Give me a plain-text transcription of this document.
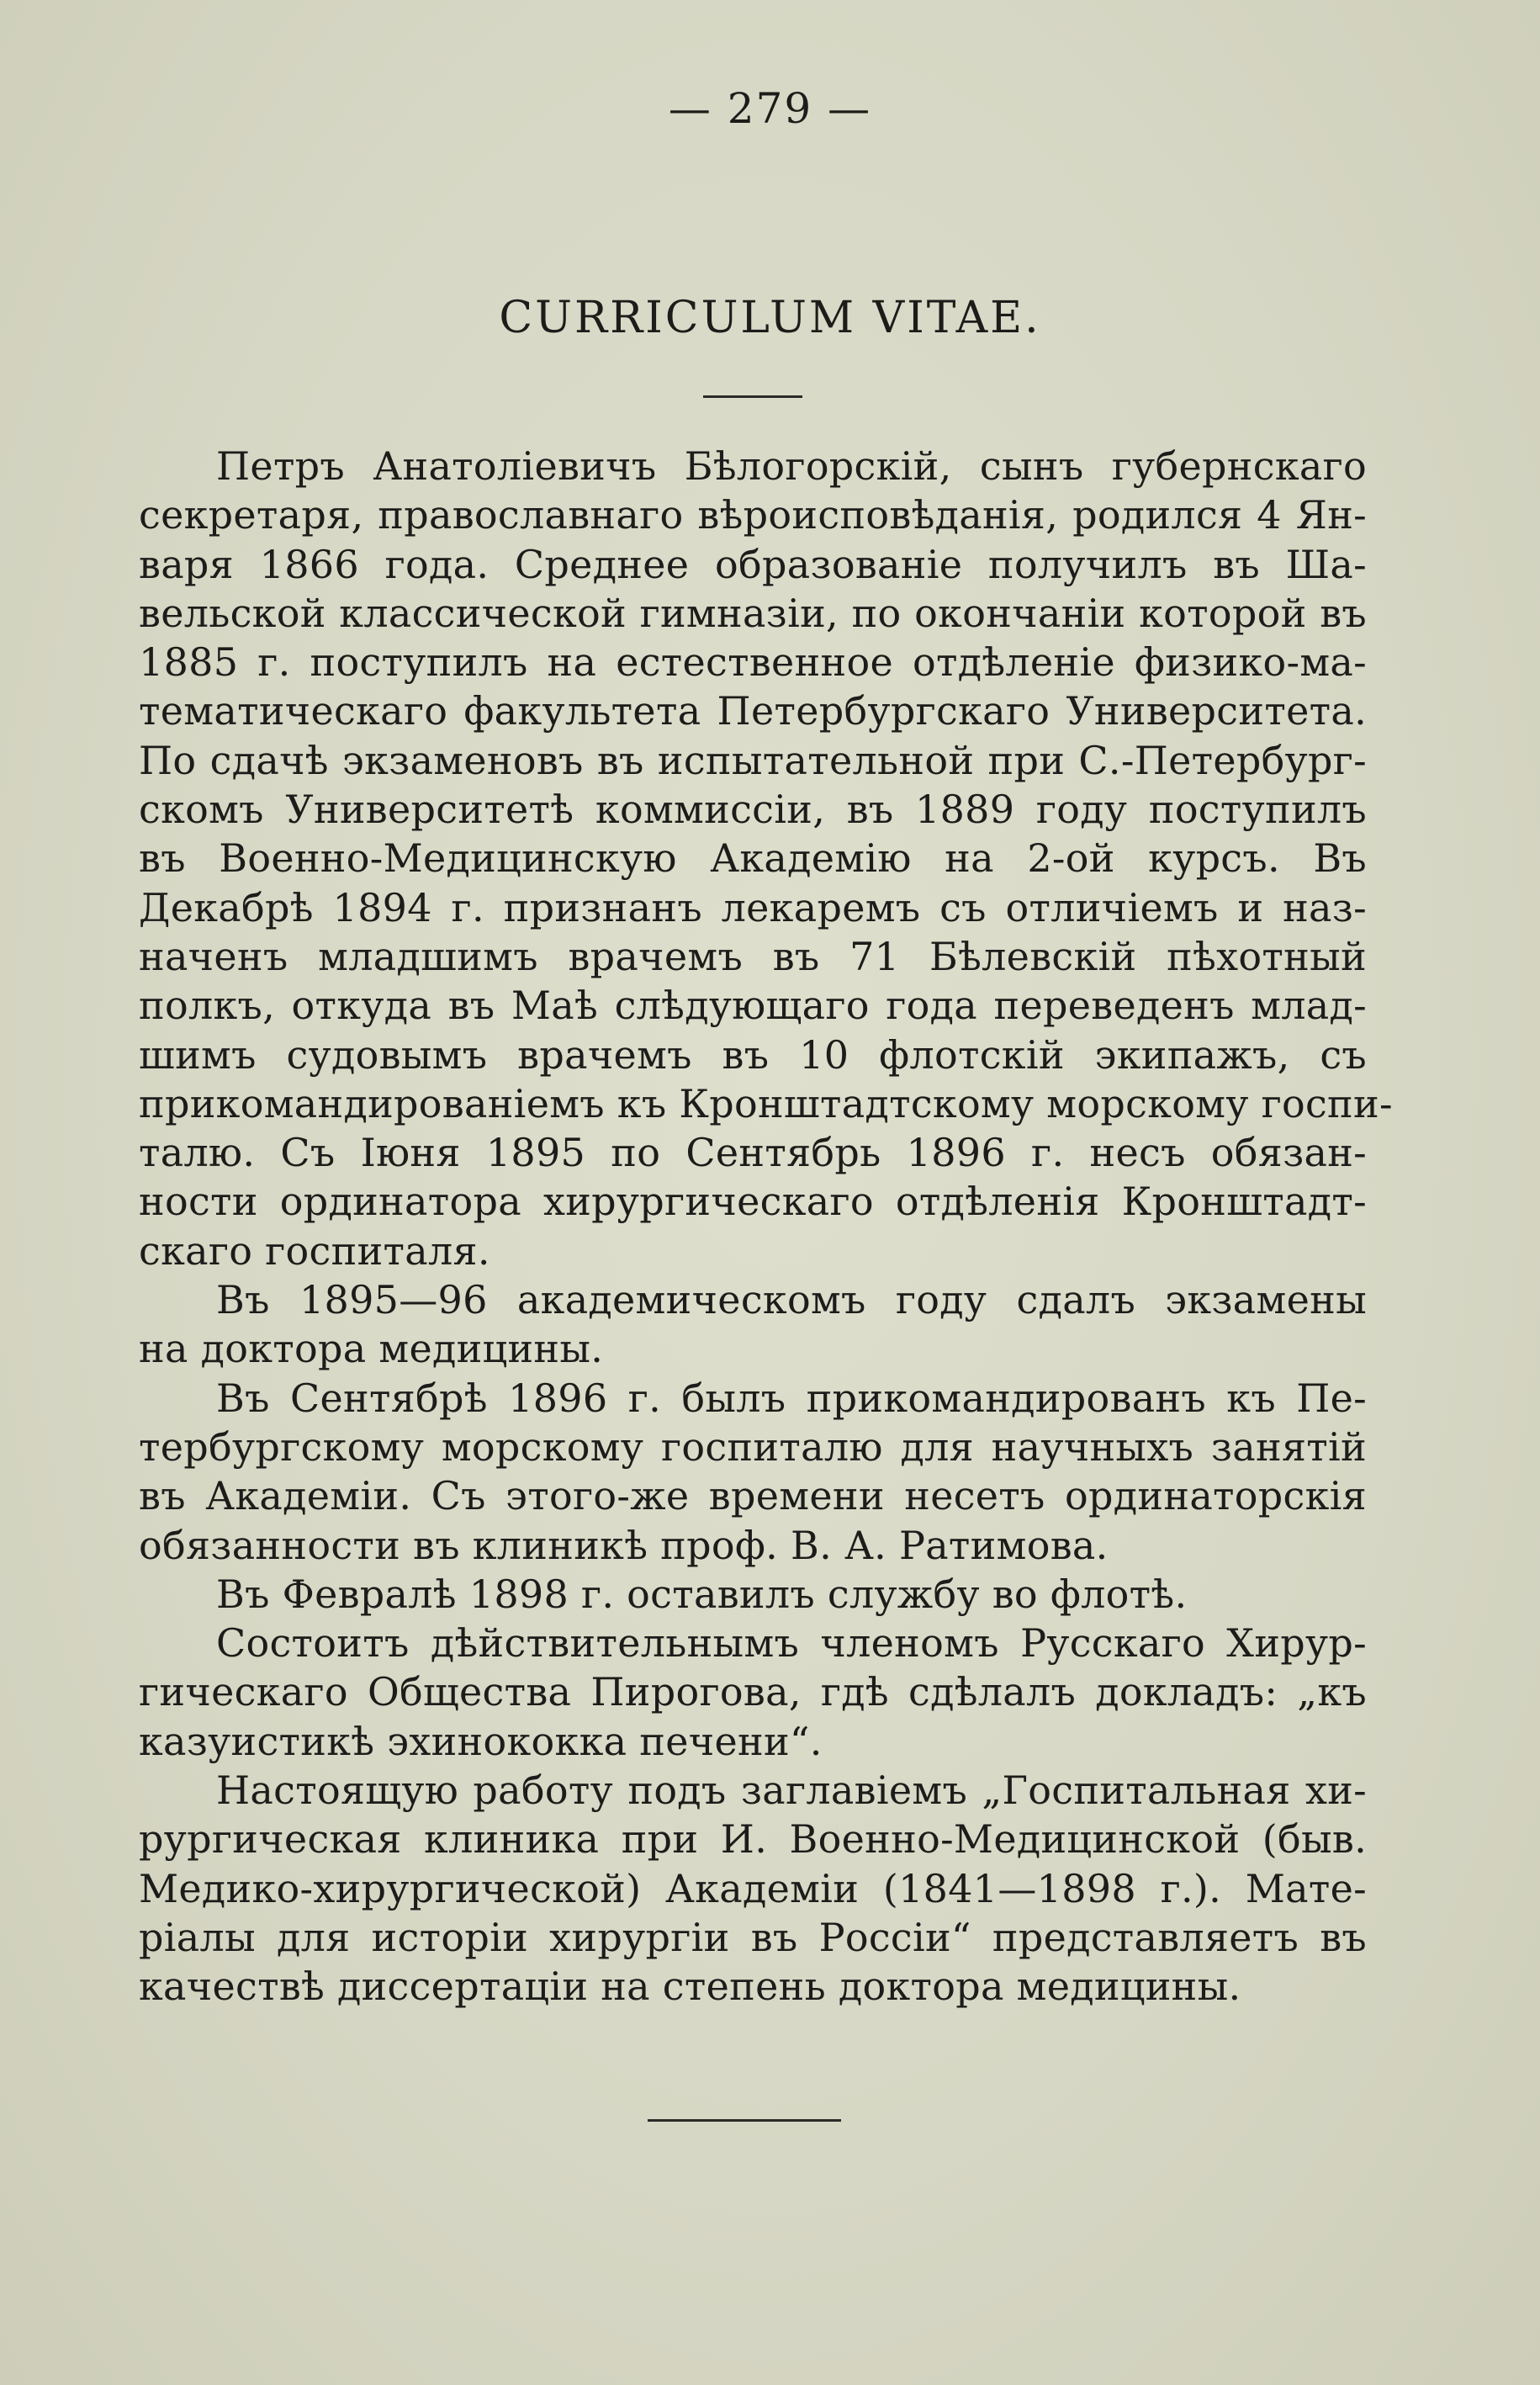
— 279 —
CURRICULUM VITAE.
Петръ Анатоліевичъ Бѣлогорскій, сынъ губернскаго
секретаря, православнаго вѣроисповѣданія, родился 4 Ян-
варя 1866 года. Среднее образованіе получилъ въ Ша-
вельской классической гимназіи, по окончаніи которой въ
1885 г. поступилъ на естественное отдѣленіе физико-ма-
тематическаго факультета Петербургскаго Университета.
По сдачѣ экзаменовъ въ испытательной при С.-Петербург-
скомъ Университетѣ коммиссіи, въ 1889 году поступилъ
въ Военно-Медицинскую Академію на 2-ой курсъ. Въ
Декабрѣ 1894 г. признанъ лекаремъ съ отличіемъ и наз-
наченъ младшимъ врачемъ въ 71 Бѣлевскій пѣхотный
полкъ, откуда въ Маѣ слѣдующаго года переведенъ млад-
шимъ судовымъ врачемъ въ 10 флотскій экипажъ, съ
прикомандированіемъ къ Кронштадтскому морскому госпи-
талю. Съ Іюня 1895 по Сентябрь 1896 г. несъ обязан-
ности ординатора хирургическаго отдѣленія Кронштадт-
скаго госпиталя.
Въ 1895—96 академическомъ году сдалъ экзамены
на доктора медицины.
Въ Сентябрѣ 1896 г. былъ прикомандированъ къ Пе-
тербургскому морскому госпиталю для научныхъ занятій
въ Академіи. Съ этого-же времени несетъ ординаторскія
обязанности въ клиникѣ проф. В. А. Ратимова.
Въ Февралѣ 1898 г. оставилъ службу во флотѣ.
Состоитъ дѣйствительнымъ членомъ Русскаго Хирур-
гическаго Общества Пирогова, гдѣ сдѣлалъ докладъ: „къ
казуистикѣ эхинококка печени“.
Настоящую работу подъ заглавіемъ „Госпитальная хи-
рургическая клиника при И. Военно-Медицинской (быв.
Медико-хирургической) Академіи (1841—1898 г.). Мате-
ріалы для исторіи хирургіи въ Россіи“ представляетъ въ
качествѣ диссертаціи на степень доктора медицины.
